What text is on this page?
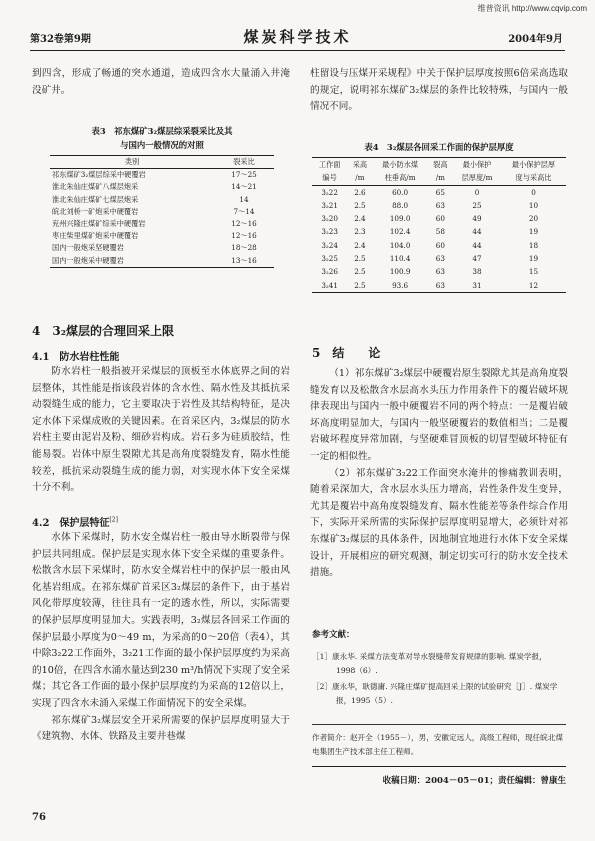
维普资讯 http://www.cqvip.com
第32卷第9期	煤炭科学技术	2004年9月

到四含，形成了畅通的突水通道，造成四含水大量涌入井淹没矿井。

表3　祁东煤矿3₂煤层综采裂采比及其
与国内一般情况的对照
类别	裂采比
祁东煤矿3₂煤层综采中硬覆岩	17～25
淮北朱仙庄煤矿八煤层炮采	14～21
淮北朱仙庄煤矿七煤层炮采	14
皖北刘桥一矿炮采中硬覆岩	7～14
兖州兴隆庄煤矿综采中硬覆岩	12～16
枣庄柴里煤矿炮采中硬覆岩	12～16
国内一般炮采坚硬覆岩	18～28
国内一般炮采中硬覆岩	13～16
4　3₂煤层的合理回采上限
4.1　防水岩柱性能

防水岩柱一般指被开采煤层的顶板至水体底界之间的岩层整体，其性能是指该段岩体的含水性、隔水性及其抵抗采动裂缝生成的能力，它主要取决于岩性及其结构特征，是决定水体下采煤成败的关键因素。在首采区内，3₂煤层的防水岩柱主要由泥岩及粉、细砂岩构成。岩石多为硅质胶结，性能易裂。岩体中原生裂隙尤其是高角度裂缝发育，隔水性能较差，抵抗采动裂缝生成的能力弱，对实现水体下安全采煤十分不利。

4.2　保护层特征[2]

水体下采煤时，防水安全煤岩柱一般由导水断裂带与保护层共同组成。保护层是实现水体下安全采煤的重要条件。松散含水层下采煤时，防水安全煤岩柱中的保护层一般由风化基岩组成。在祁东煤矿首采区3₂煤层的条件下，由于基岩风化带厚度较薄，往往具有一定的透水性，所以，实际需要的保护层厚度明显加大。实践表明，3₂煤层各回采工作面的保护层最小厚度为0～49 m，为采高的0～20倍（表4），其中除3₂22工作面外，3₂21工作面的最小保护层厚度约为采高的10倍，在四含水涌水量达到230 m³/h情况下实现了安全采煤；其它各工作面的最小保护层厚度约为采高的12倍以上，实现了四含水未涌入采煤工作面情况下的安全采煤。

祁东煤矿3₂煤层安全开采所需要的保护层厚度明显大于《建筑物、水体、铁路及主要井巷煤

76

柱留设与压煤开采规程》中关于保护层厚度按照6倍采高选取的规定，说明祁东煤矿3₂煤层的条件比较特殊，与国内一般情况不同。

表4　3₂煤层各回采工作面的保护层厚度
工作面	采高	最小防水煤	裂高	最小保护	最小保护层厚
编号	/m	柱垂高/m	/m	层厚度/m	度与采高比
3₂22	2.6	60.0	65	0	0
3₂21	2.5	88.0	63	25	10
3₂20	2.4	109.0	60	49	20
3₂23	2.3	102.4	58	44	19
3₂24	2.4	104.0	60	44	18
3₂25	2.5	110.4	63	47	19
3₂26	2.5	100.9	63	38	15
3₂41	2.5	93.6	63	31	12
5　结　　论

（1）祁东煤矿3₂煤层中硬覆岩原生裂隙尤其是高角度裂缝发育以及松散含水层高水头压力作用条件下的覆岩破坏规律表现出与国内一般中硬覆岩不同的两个特点：一是覆岩破坏高度明显加大，与国内一般坚硬覆岩的数值相当；二是覆岩破坏程度异常加剧，与坚硬难冒顶板的切冒型破坏特征有一定的相似性。

（2）祁东煤矿3₂22工作面突水淹井的惨痛教训表明，随着采深加大，含水层水头压力增高，岩性条件发生变异，尤其是覆岩中高角度裂缝发育、隔水性能差等条件综合作用下，实际开采所需的实际保护层厚度明显增大，必须针对祁东煤矿3₂煤层的具体条件，因地制宜地进行水体下安全采煤设计，开展相应的研究观测，制定切实可行的防水安全技术措施。

参考文献：
［1］康永华. 采煤方法变革对导水裂缝带发育规律的影响. 煤炭学报，1998（6）.
［2］康永华，耿德庸. 兴隆庄煤矿提高回采上限的试验研究［J］. 煤炭学报，1995（5）.
作者简介：赵开全（1955－），男，安徽定远人，高级工程师，现任皖北煤电集团生产技术部主任工程师。
收稿日期：2004－05－01；责任编辑：曾康生
